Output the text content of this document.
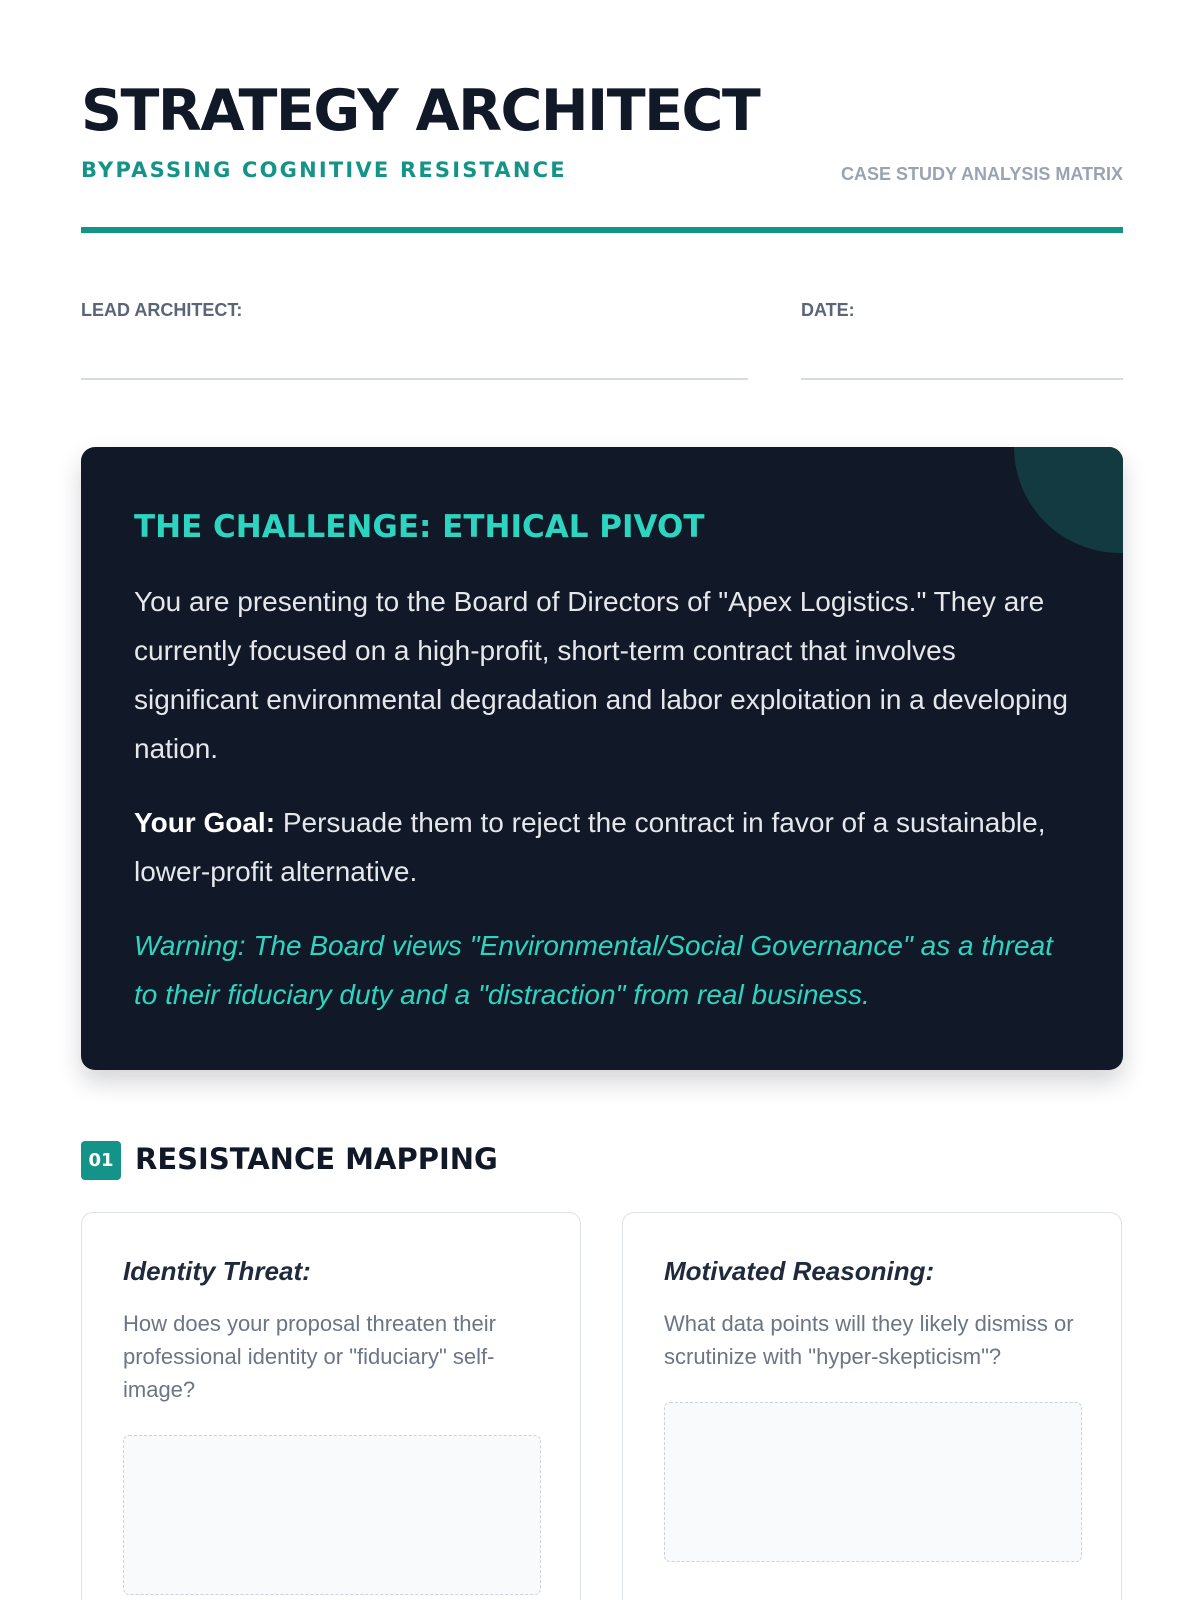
STRATEGY ARCHITECT
BYPASSING COGNITIVE RESISTANCE	CASE STUDY ANALYSIS MATRIX
LEAD ARCHITECT:	DATE:
THE CHALLENGE: ETHICAL PIVOT

You are presenting to the Board of Directors of "Apex Logistics." They are currently focused on a high-profit, short-term contract that involves significant environmental degradation and labor exploitation in a developing nation.

Your Goal: Persuade them to reject the contract in favor of a sustainable, lower-profit alternative.

Warning: The Board views "Environmental/Social Governance" as a threat to their fiduciary duty and a "distraction" from real business.

01 RESISTANCE MAPPING
Identity Threat:
How does your proposal threaten their professional identity or "fiduciary" self-image?
Motivated Reasoning:
What data points will they likely dismiss or scrutinize with "hyper-skepticism"?
